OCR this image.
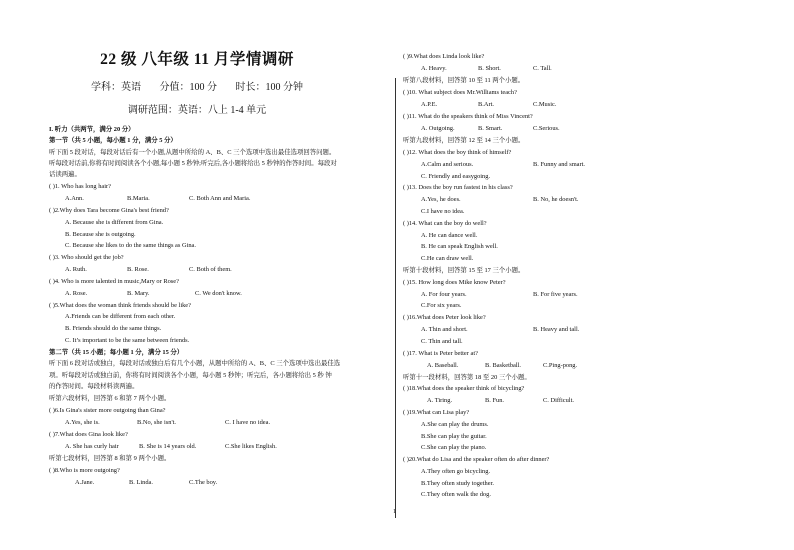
22 级 八年级 11 月学情调研
学科：英语 分值：100 分 时长：100 分钟
调研范围：英语：八上 1-4 单元
I. 听力（共两节，满分 20 分）
第一节（共 5 小题，每小题 1 分，满分 5 分）
听下面 5 段对话，每段对话后有一个小题,从题中所给的 A、B、C 三个选项中选出最佳选项回答问题。
听每段对话前,你将有时间阅读各个小题,每小题 5 秒钟;听完后,各小题将给出 5 秒钟的作答时间。每段对
话读两遍。
( )1. Who has long hair?
A.Ann.	B.Maria.	C. Both Ann and Maria.
( )2.Why does Tara become Gina's best friend?
A. Because she is different from Gina.
B. Because she is outgoing.
C. Because she likes to do the same things as Gina.
( )3. Who should get the job?
A. Ruth.	B. Rose.	C. Both of them.
( )4. Who is more talented in music,Mary or Rose?
A. Rose.	B. Mary.	C. We don't know.
( )5.What does the woman think friends should be like?
A.Friends can be different from each other.
B. Friends should do the same things.
C. It’s important to be the same between friends.
第二节（共 15 小题；每小题 1 分，满分 15 分）
听下面 6 段对话或独白，每段对话或独白后有几个小题，从题中所给的 A、B、C 三个选项中选出最佳选
项。听每段对话或独白前，你将有时间阅读各个小题，每小题 5 秒钟；听完后，各小题将给出 5 秒 钟
的作答时间。每段材料读两遍。
听第六段材料，回答第 6 和第 7 两个小题。
( )6.Is Gina's sister more outgoing than Gina?
A.Yes, she is.	B.No, she isn't.	C. I have no idea.
( )7.What does Gina look like?
A. She has curly hair	B. She is 14 years old.	C.She likes English.
听第七段材料，回答第 8 和第 9 两个小题。
( )8.Who is more outgoing?
A.Jane.	B. Linda.	C.The boy.
( )9.What does Linda look like?
A. Heavy.	B. Short.	C. Tall.
听第八段材料，回答第 10 至 11 两个小题。
( )10. What subject does Mr.Williams teach?
A.P.E.	B.Art.	C.Music.
( )11. What do the speakers think of Miss Vincent?
A. Outgoing.	B. Smart.	C.Serious.
听第九段材料，回答第 12 至 14 三个小题。
( )12. What does the boy think of himself?
A.Calm and serious.	B. Funny and smart.
C. Friendly and easygoing.
( )13. Does the boy run fastest in his class?
A.Yes, he does.	B. No, he doesn't.
C.I have no idea.
( )14. What can the boy do well?
A. He can dance well.
B. He can speak English well.
C.He can draw well.
听第十段材料，回答第 15 至 17 三个小题。
( )15. How long does Mike know Peter?
A. For four years.	B. For five years.
C.For six years.
( )16.What does Peter look like?
A. Thin and short.	B. Heavy and tall.
C. Thin and tall.
( )17. What is Peter better at?
A. Baseball.	B. Basketball.	C.Ping-pong.
听第十一段材料，回答第 18 至 20 三个小题。
( )18.What does the speaker think of bicycling?
A. Tiring.	B. Fun.	C. Difficult.
( )19.What can Lisa play?
A.She can play the drums.
B.She can play the guitar.
C.She can play the piano.
( )20.What do Lisa and the speaker often do after dinner?
A.They often go bicycling.
B.They often study together.
C.They often walk the dog.
1
